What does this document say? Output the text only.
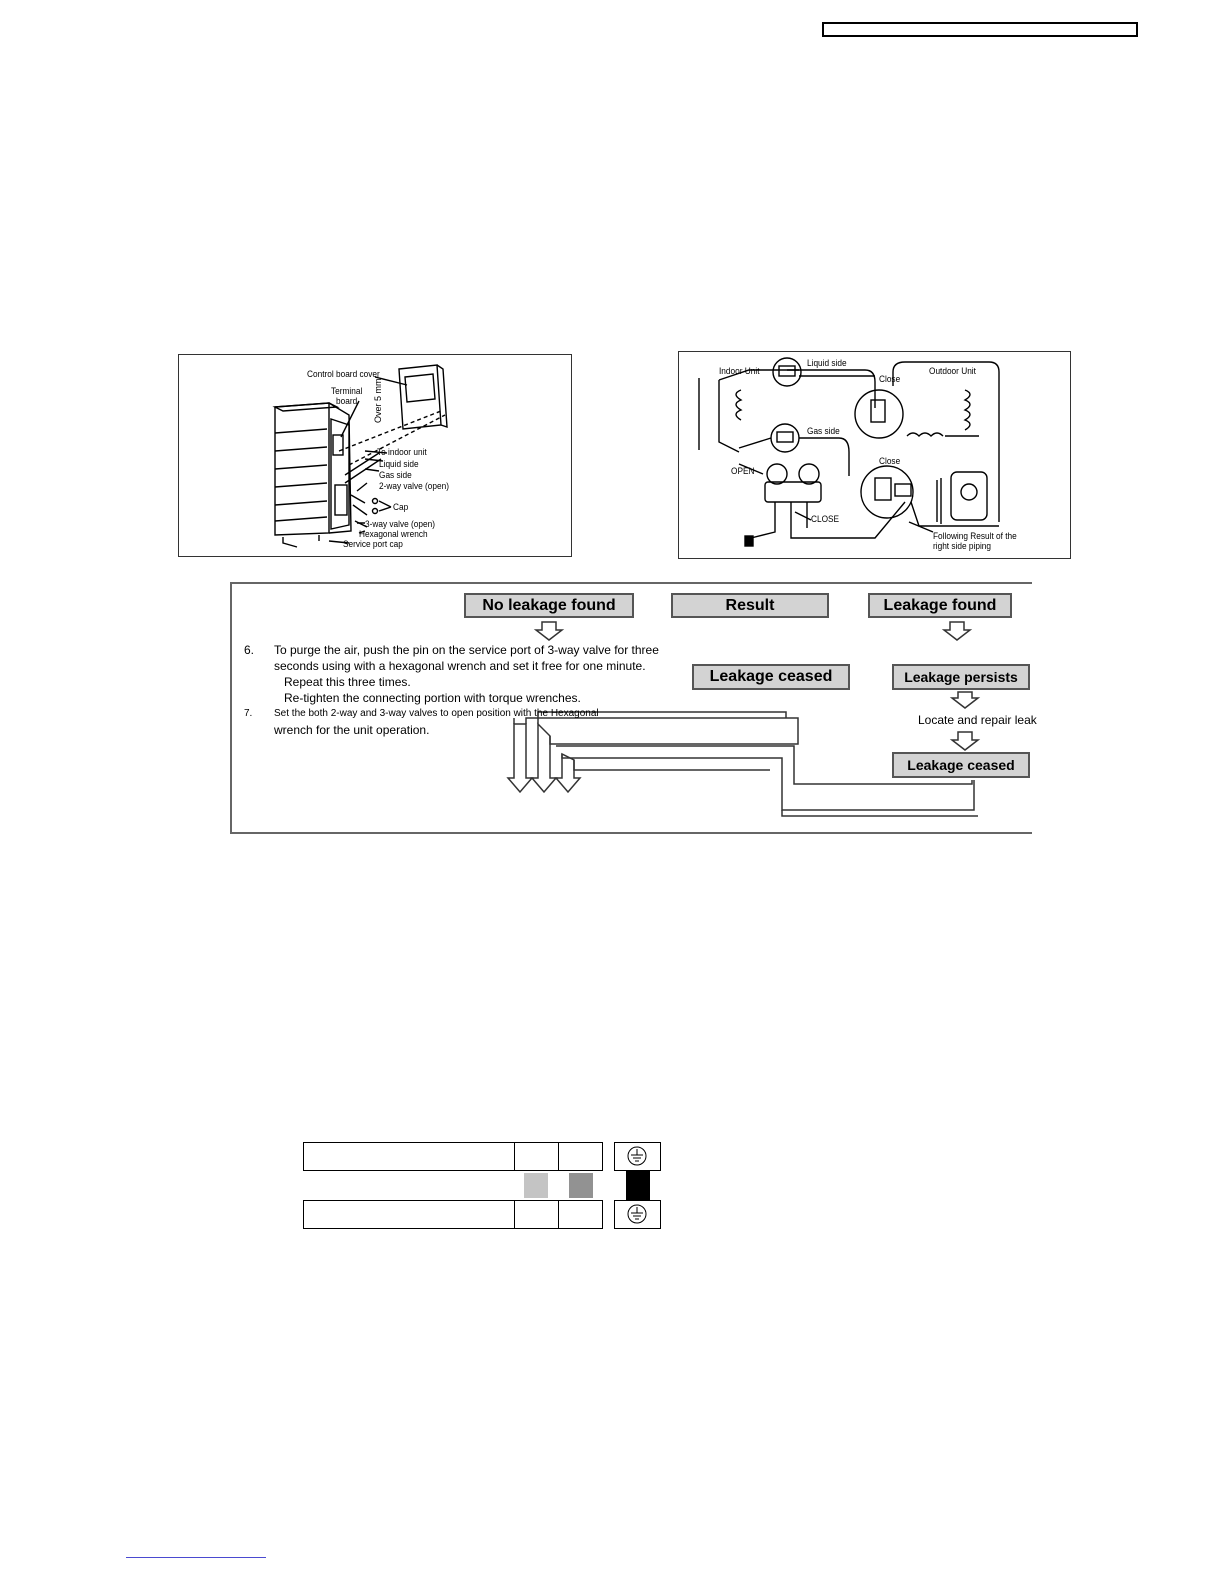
Control board cover
Terminal
board	Over 5 mm
To indoor unit
Liquid side
Gas side
2-way valve (open)
Cap
3-way valve (open)
Hexagonal wrench
Service port cap
Indoor Unit
Liquid side
Close
Outdoor Unit
Gas side
Close
OPEN
CLOSE
Following Result of the
right side piping
No leakage found	Result	Leakage found
Leakage ceased	Leakage persists
Locate and repair leak
Leakage ceased
6. To purge the air, push the pin on the service port of 3-way valve for three
seconds using with a hexagonal wrench and set it free for one minute.
Repeat this three times.
Re-tighten the connecting portion with torque wrenches.
7. Set the both 2-way and 3-way valves to open position with the Hexagonal
wrench for the unit operation.
